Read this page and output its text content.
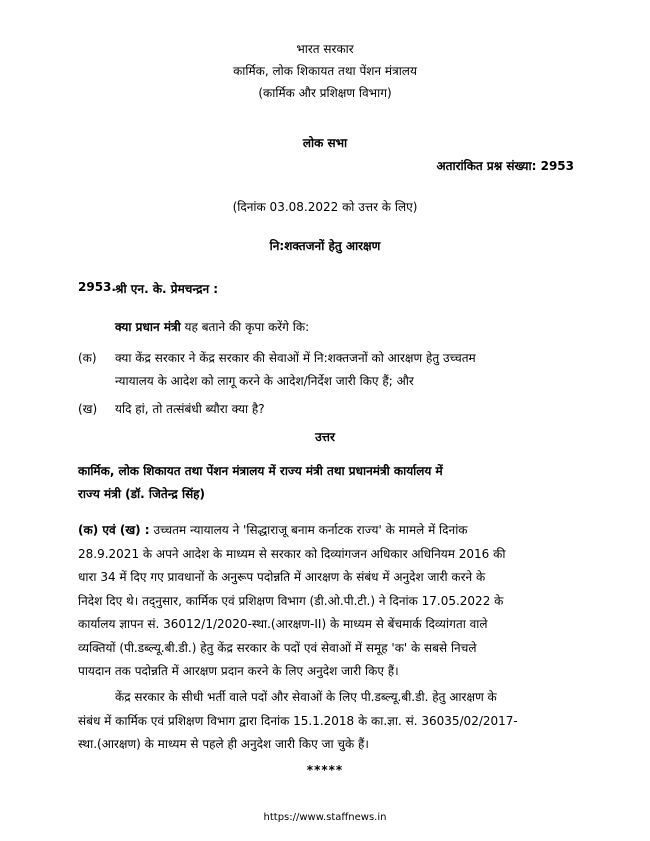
भारत सरकार
कार्मिक, लोक शिकायत तथा पेंशन मंत्रालय
(कार्मिक और प्रशिक्षण विभाग)
लोक सभा
अतारांकित प्रश्न संख्या: 2953
(दिनांक 03.08.2022 को उत्तर के लिए)
नि:शक्तजनों हेतु आरक्षण
2953. श्री एन. के. प्रेमचन्द्रन :
क्या प्रधान मंत्री यह बताने की कृपा करेंगे कि:
(क) क्या केंद्र सरकार ने केंद्र सरकार की सेवाओं में नि:शक्तजनों को आरक्षण हेतु उच्चतम
न्यायालय के आदेश को लागू करने के आदेश/निर्देश जारी किए हैं; और
(ख) यदि हां, तो तत्संबंधी ब्यौरा क्या है?
उत्तर
कार्मिक, लोक शिकायत तथा पेंशन मंत्रालय में राज्य मंत्री तथा प्रधानमंत्री कार्यालय में
राज्य मंत्री (डॉ. जितेन्द्र सिंह)

(क) एवं (ख) : उच्चतम न्यायालय ने 'सिद्धाराजू बनाम कर्नाटक राज्य' के मामले में दिनांक

28.9.2021 के अपने आदेश के माध्यम से सरकार को दिव्यांगजन अधिकार अधिनियम 2016 की

धारा 34 में दिए गए प्रावधानों के अनुरूप पदोन्नति में आरक्षण के संबंध में अनुदेश जारी करने के

निदेश दिए थे। तद्नुसार, कार्मिक एवं प्रशिक्षण विभाग (डी.ओ.पी.टी.) ने दिनांक 17.05.2022 के

कार्यालय ज्ञापन सं. 36012/1/2020-स्था.(आरक्षण-II) के माध्यम से बेंचमार्क दिव्यांगता वाले

व्यक्तियों (पी.डब्ल्यू.बी.डी.) हेतु केंद्र सरकार के पदों एवं सेवाओं में समूह 'क' के सबसे निचले

पायदान तक पदोन्नति में आरक्षण प्रदान करने के लिए अनुदेश जारी किए हैं।

केंद्र सरकार के सीधी भर्ती वाले पदों और सेवाओं के लिए पी.डब्ल्यू.बी.डी. हेतु आरक्षण के

संबंध में कार्मिक एवं प्रशिक्षण विभाग द्वारा दिनांक 15.1.2018 के का.ज्ञा. सं. 36035/02/2017-

स्था.(आरक्षण) के माध्यम से पहले ही अनुदेश जारी किए जा चुके हैं।

*****
https://www.staffnews.in
